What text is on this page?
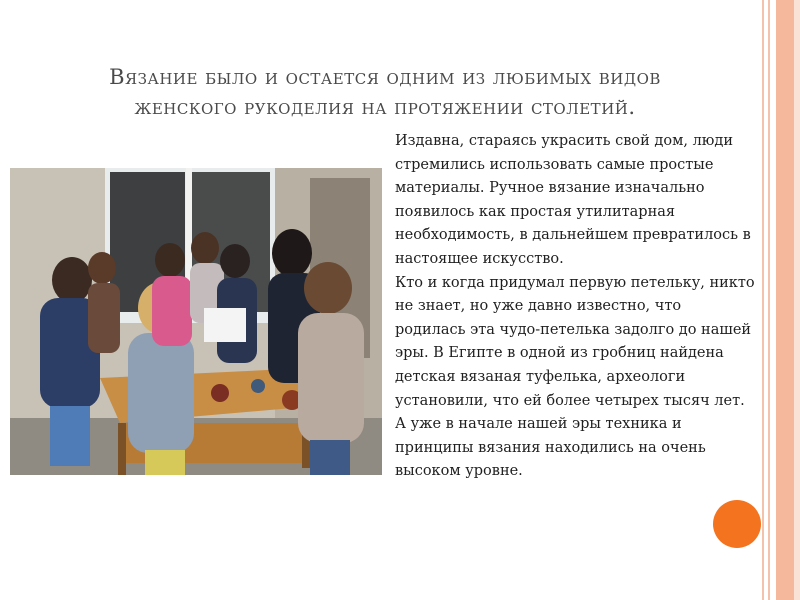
Вязание было и остается одним из любимых видов
женского рукоделия на протяжении столетий.

Издавна, стараясь украсить свой дом, люди стремились использовать самые простые материалы. Ручное вязание изначально появилось как простая утилитарная необходимость, в дальнейшем превратилось в настоящее искусство.

Кто и когда придумал первую петельку, никто не знает, но уже давно известно, что родилась эта чудо-петелька задолго до нашей эры. В Египте в одной из гробниц найдена детская вязаная туфелька, археологи установили, что ей более четырех тысяч лет. А уже в начале нашей эры техника и принципы вязания находились на очень высоком уровне.
